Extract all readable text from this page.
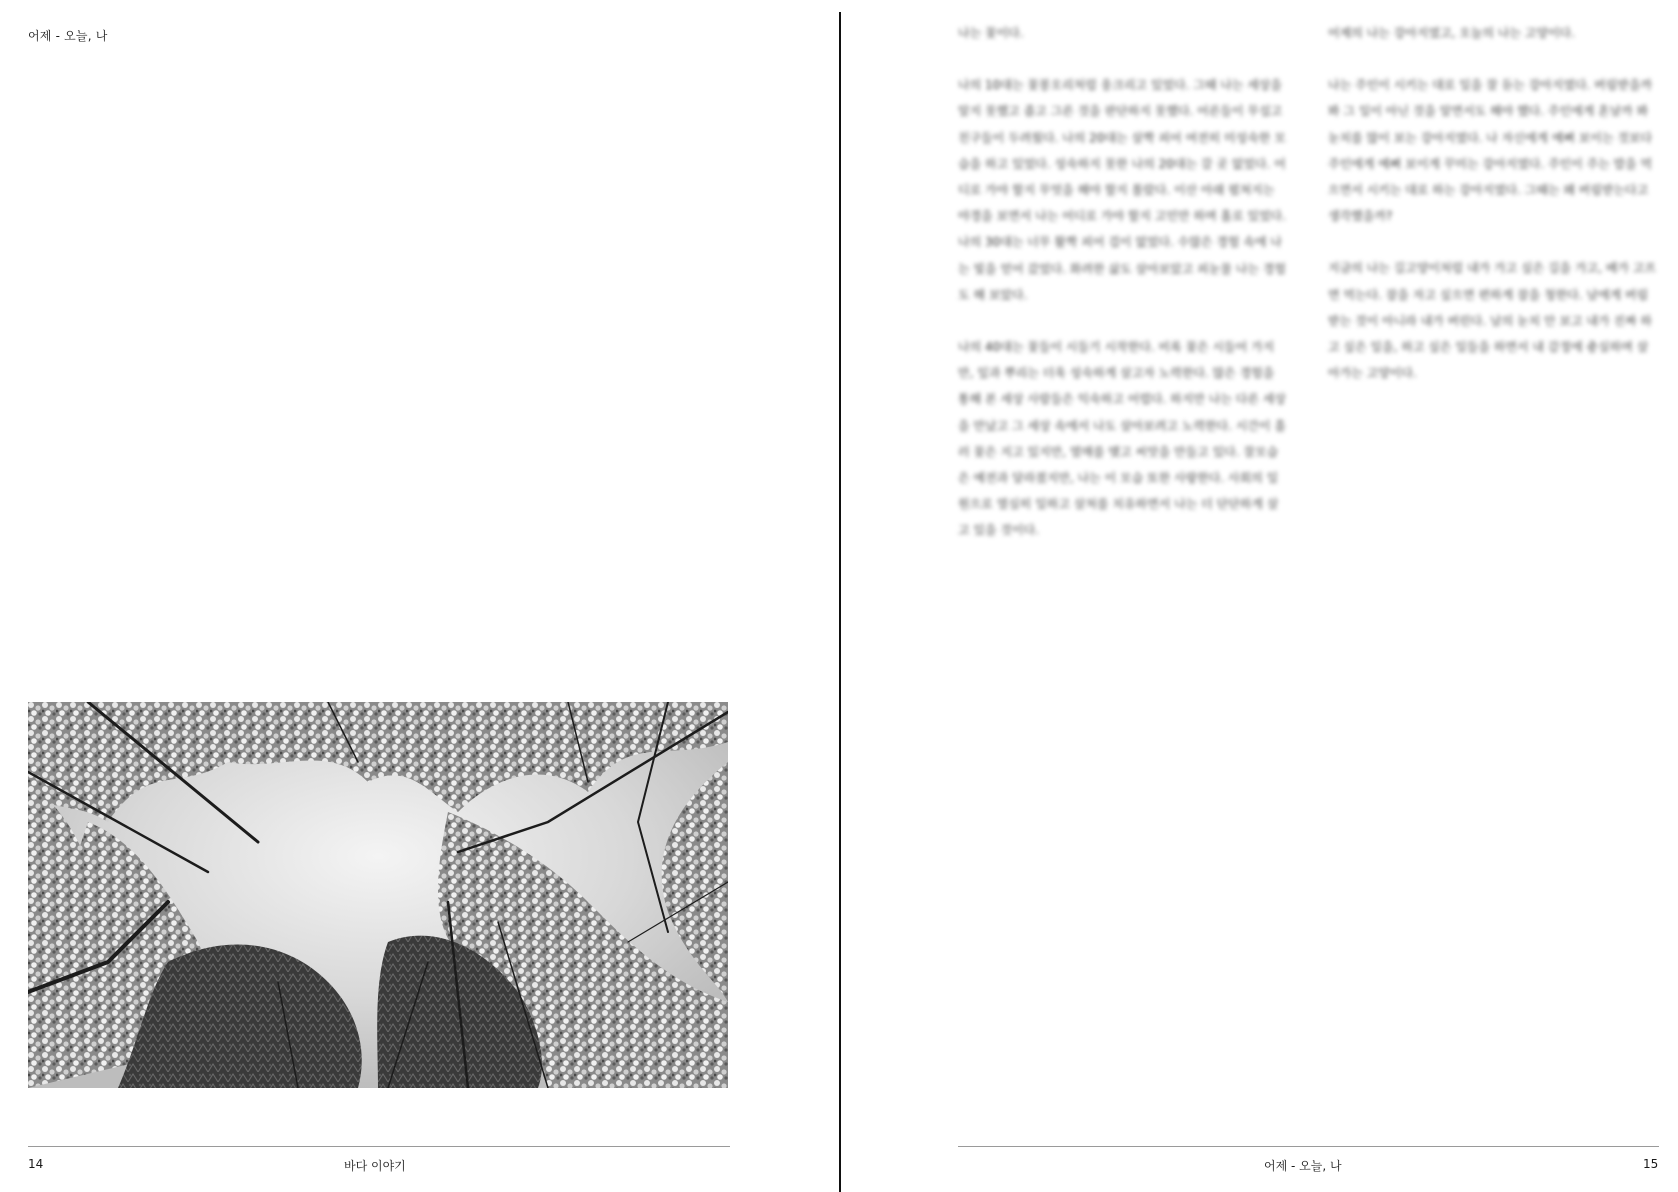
어제 - 오늘, 나
14	바다 이야기

나는 꽃이다.

나의 10대는 꽃봉오리처럼 웅크리고 있었다. 그때 나는 세상을 알지 못했고 좁고 그른 것을 판단하지 못했다. 어른들이 무섭고 친구들이 두려웠다. 나의 20대는 살짝 피어 여전히 미성숙한 모습을 하고 있었다. 성숙하지 못한 나의 20대는 갈 곳 없었다. 어디로 가야 할지 무엇을 해야 할지 몰랐다. 이산 아래 펼쳐지는 야경을 보면서 나는 어디로 가야 할지 고민만 하며 홀로 있었다. 나의 30대는 너무 활짝 피어 겁이 없었다. 수많은 경험 속에 나는 빛을 얻어 갔었다. 화려한 삶도 살아보았고 피눈물 나는 경험도 해 보았다.

나의 40대는 꽃들이 시들기 시작한다. 비록 꽃은 시들어 가지만, 잎과 뿌리는 더욱 성숙하게 살고자 노력한다. 많은 경험을 통해 본 세상 사람들은 익숙하고 어렵다. 하지만 나는 다른 세상을 만났고 그 세상 속에서 나도 살아보려고 노력한다. 시간이 흘러 꽃은 지고 있지만, 열매를 맺고 씨앗을 만들고 있다. 잘모습은 예전과 달라졌지만, 나는 이 모습 또한 사랑한다. 사회의 일원으로 열심히 일하고 살처를 치유하면서 나는 더 단단하게 살고 있을 것이다.

어제의 나는 강아지였고, 오늘의 나는 고양이다.

나는 주인이 시키는 대로 일을 잘 듣는 강아지였다. 버림받을까 봐 그 일이 아닌 것을 알면서도 해야 했다. 주인에게 혼날까 봐 눈치를 많이 보는 강아지였다. 나 자신에게 예뻐 보이는 것보다 주인에게 예뻐 보이게 꾸미는 강아지였다. 주인이 주는 밥을 먹으면서 시키는 대로 하는 강아지였다. 그때는 왜 버림받는다고 생각했을까?

지금의 나는 길고양이처럼 내가 가고 싶은 길을 가고, 배가 고프면 먹는다. 잠을 자고 싶으면 편하게 잠을 청한다. 남에게 버림받는 것이 아니라 내가 버린다. 남의 눈치 안 보고 내가 진짜 하고 싶은 일을, 하고 싶은 일들을 하면서 내 감정에 충실하며 살아가는 고양이다.

어제 - 오늘, 나	15
